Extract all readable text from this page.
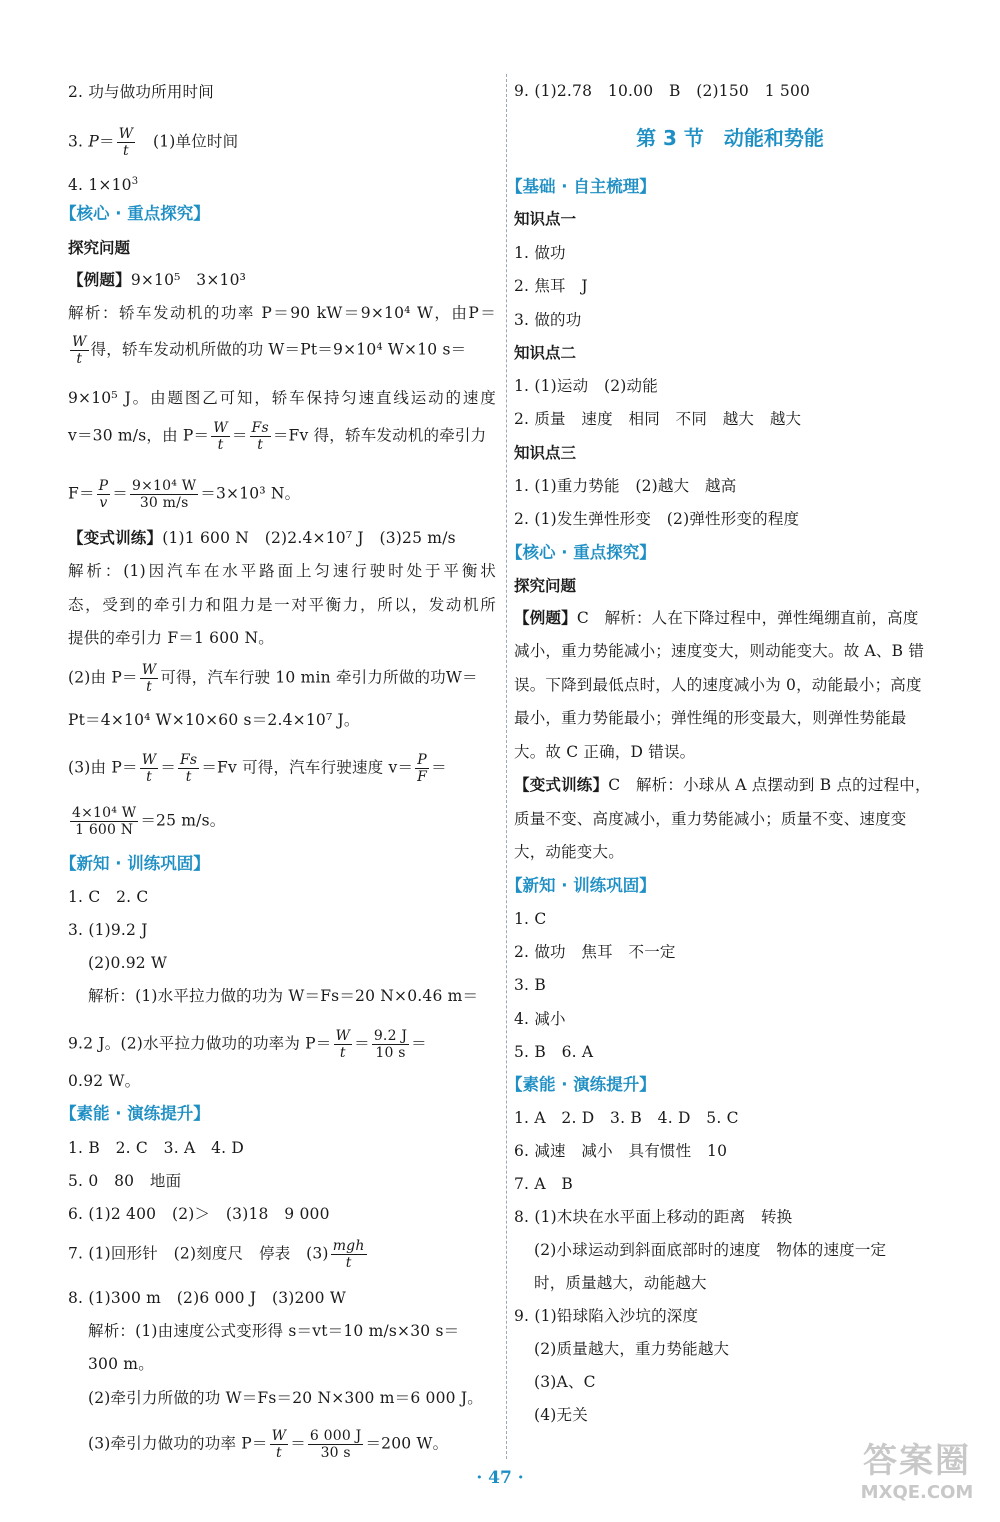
2. 功与做功所用时间
3. $P= \frac{W}{t}$
　 (1)单位时间
4. $1\times 10^3$
【核心 · 重点探究】
探究问题
【例题】9×10⁵　3×10³
解析：轿车发动机的功率 P＝90 kW＝9×10⁴ W，由P＝
$\frac{W}{t}$ 得，轿车发动机所做的功 W＝Pt＝9×10⁴ W×10 s＝
9×10⁵ J。由题图乙可知，轿车保持匀速直线运动的速度
v＝30 m/s，由 $P= \frac{W}{t} = \frac{Fs}{t} =Fv$ 得，轿车发动机的牵引力
$F= \frac{P}{v} = \frac{\text{9×10⁴ W}}{30 m/s} =3\times 10^3$ N。
【变式训练】(1)1 600 N　(2)2.4×10⁷ J　(3)25 m/s
解析：(1)因汽车在水平路面上匀速行驶时处于平衡状
态，受到的牵引力和阻力是一对平衡力，所以，发动机所
提供的牵引力 F＝1 600 N。
(2)由 $P= \frac{W}{t}$ 可得，汽车行驶 10 min 牵引力所做的功W＝
Pt＝4×10⁴ W×10×60 s＝2.4×10⁷ J。
(3)由 $P= \frac{W}{t} = \frac{Fs}{t} =Fv$ 可得，汽车行驶速度 $v= \frac{P}{F}$ ＝
$\frac{\text{4×10⁴ W}}{1 600 N} =25$ m/s。
【新知 · 训练巩固】
1. C　2. C
3. (1)9.2 J
(2)0.92 W
解析：(1)水平拉力做的功为 W＝Fs＝20 N×0.46 m＝
9.2 J。(2)水平拉力做功的功率为 $P= \frac{W}{t} = \frac{9.2 J}{10 s}$ ＝
0.92 W。
【素能 · 演练提升】
1. B　2. C　3. A　4. D
5. 0　80　地面
6. (1)2 400　(2)＞　(3)18　9 000
7. (1)回形针　(2)刻度尺　停表　$(3) \frac{\text{mgh}}{t}$
8. (1)300 m　(2)6 000 J　(3)200 W
解析：(1)由速度公式变形得 s＝vt＝10 m/s×30 s＝
300 m。
(2)牵引力所做的功 W＝Fs＝20 N×300 m＝6 000 J。
(3)牵引力做功的功率 $P= \frac{W}{t} = \frac{6 000 J}{30 s} =200$ W。
9. (1)2.78　10.00　B　(2)150　1 500
第 3 节 动能和势能
【基础 · 自主梳理】
知识点一
1. 做功
2. 焦耳　J
3. 做的功
知识点二
1. (1)运动　(2)动能
2. 质量　速度　相同　不同　越大　越大
知识点三
1. (1)重力势能　(2)越大　越高
2. (1)发生弹性形变　(2)弹性形变的程度
【核心 · 重点探究】
探究问题
【例题】C　解析：人在下降过程中，弹性绳绷直前，高度
减小，重力势能减小；速度变大，则动能变大。故 A、B 错
误。下降到最低点时，人的速度减小为 0，动能最小；高度
最小，重力势能最小；弹性绳的形变最大，则弹性势能最
大。故 C 正确，D 错误。
【变式训练】C　解析：小球从 A 点摆动到 B 点的过程中，
质量不变、高度减小，重力势能减小；质量不变、速度变
大，动能变大。
【新知 · 训练巩固】
1. C
2. 做功　焦耳　不一定
3. B
4. 减小
5. B　6. A
【素能 · 演练提升】
1. A　2. D　3. B　4. D　5. C
6. 减速　减小　具有惯性　10
7. A　B
8. (1)木块在水平面上移动的距离　转换
(2)小球运动到斜面底部时的速度　物体的速度一定
时，质量越大，动能越大
9. (1)铅球陷入沙坑的深度
(2)质量越大，重力势能越大
(3)A、C
(4)无关
· 47 ·	答案圈
MXQE.COM
